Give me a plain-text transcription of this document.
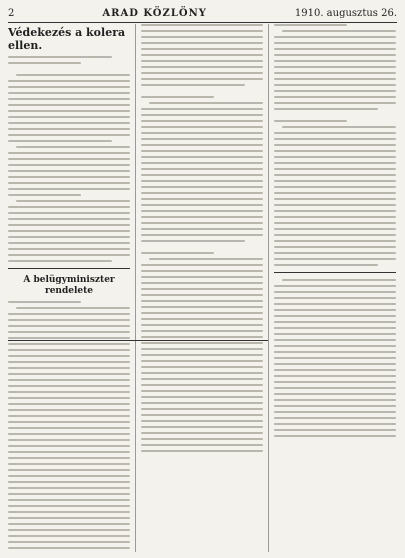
2	ARAD KÖZLÖNY	1910. augusztus 26.
Védekezés a kolera ellen.
A belügyminiszter rendelete
